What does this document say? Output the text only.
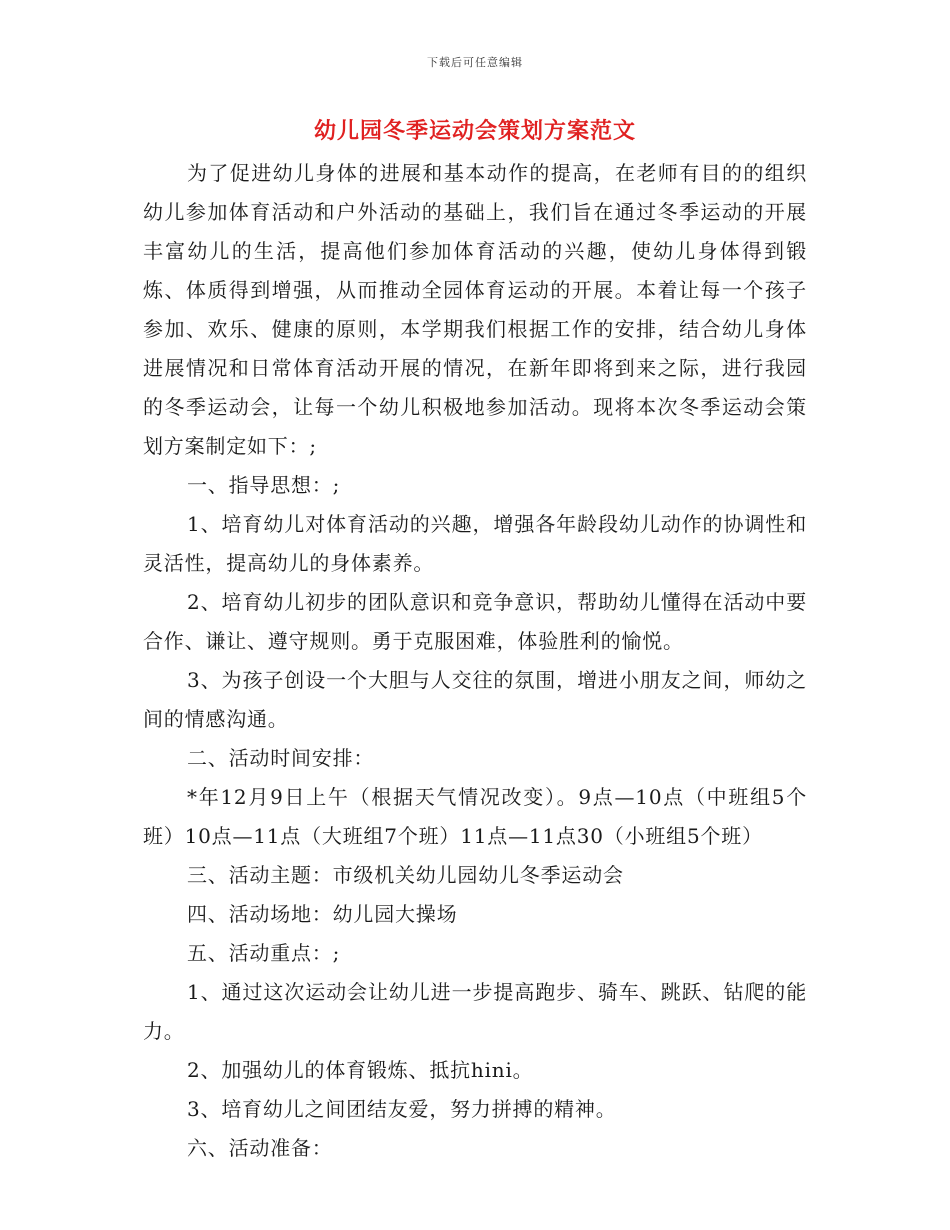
下载后可任意编辑
幼儿园冬季运动会策划方案范文

为了促进幼儿身体的进展和基本动作的提高，在老师有目的的组织幼儿参加体育活动和户外活动的基础上，我们旨在通过冬季运动的开展丰富幼儿的生活，提高他们参加体育活动的兴趣，使幼儿身体得到锻炼、体质得到增强，从而推动全园体育运动的开展。本着让每一个孩子参加、欢乐、健康的原则，本学期我们根据工作的安排，结合幼儿身体进展情况和日常体育活动开展的情况，在新年即将到来之际，进行我园的冬季运动会，让每一个幼儿积极地参加活动。现将本次冬季运动会策划方案制定如下：;

一、指导思想：;

1、培育幼儿对体育活动的兴趣，增强各年龄段幼儿动作的协调性和灵活性，提高幼儿的身体素养。

2、培育幼儿初步的团队意识和竞争意识，帮助幼儿懂得在活动中要合作、谦让、遵守规则。勇于克服困难，体验胜利的愉悦。

3、为孩子创设一个大胆与人交往的氛围，增进小朋友之间，师幼之间的情感沟通。

二、活动时间安排：

*年12月9日上午（根据天气情况改变）。9点—10点（中班组5个班）10点—11点（大班组7个班）11点—11点30（小班组5个班）

三、活动主题：市级机关幼儿园幼儿冬季运动会

四、活动场地：幼儿园大操场

五、活动重点：;

1、通过这次运动会让幼儿进一步提高跑步、骑车、跳跃、钻爬的能力。

2、加强幼儿的体育锻炼、抵抗hini。

3、培育幼儿之间团结友爱，努力拼搏的精神。

六、活动准备：
